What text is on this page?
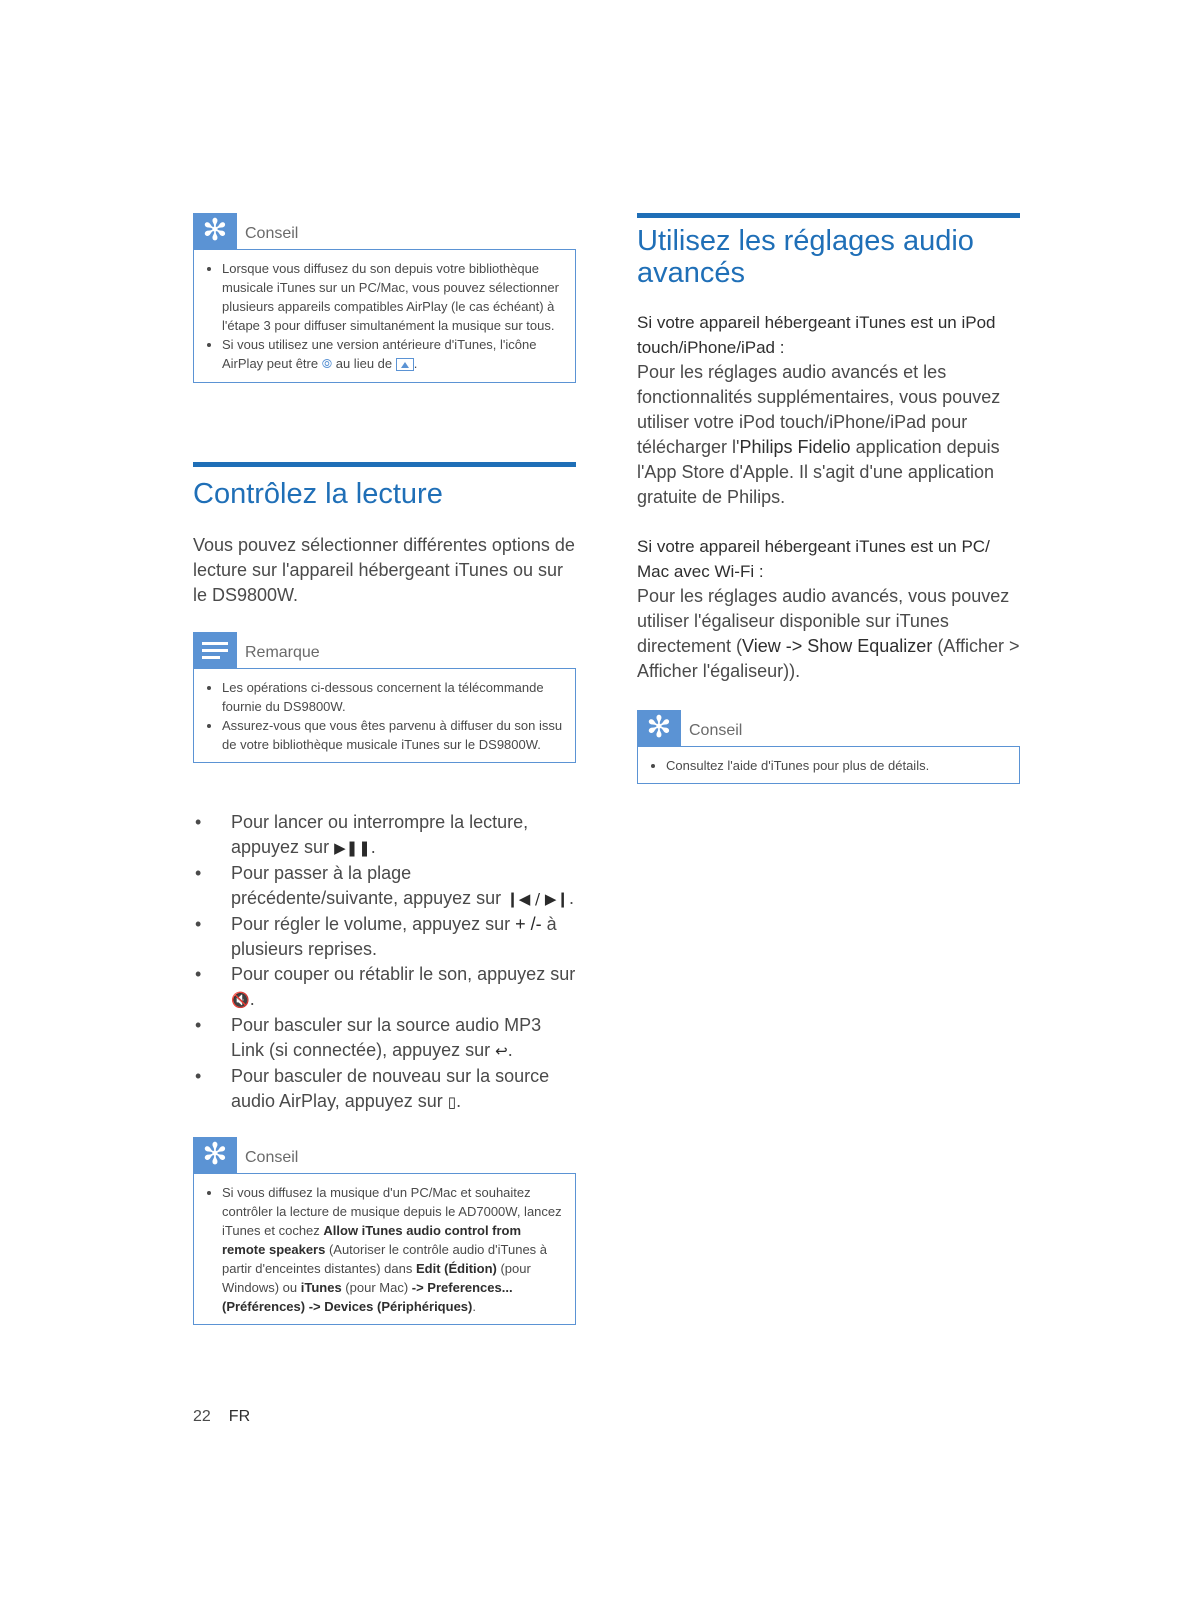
✻	Conseil
• Lorsque vous diffusez du son depuis votre bibliothèque musicale iTunes sur un PC/Mac, vous pouvez sélectionner plusieurs appareils compatibles AirPlay (le cas échéant) à l'étape 3 pour diffuser simultanément la musique sur tous.
• Si vous utilisez une version antérieure d'iTunes, l'icône AirPlay peut être ⦾ au lieu de
.
Contrôlez la lecture

Vous pouvez sélectionner différentes options de lecture sur l'appareil hébergeant iTunes ou sur le DS9800W.

Remarque
• Les opérations ci-dessous concernent la télécommande fournie du DS9800W.
• Assurez-vous que vous êtes parvenu à diffuser du son issu de votre bibliothèque musicale iTunes sur le DS9800W.
• Pour lancer ou interrompre la lecture, appuyez sur ▶❚❚.
• Pour passer à la plage précédente/suivante, appuyez sur ❙◀ / ▶❙.
• Pour régler le volume, appuyez sur + /- à plusieurs reprises.
• Pour couper ou rétablir le son, appuyez sur 🔇.
• Pour basculer sur la source audio MP3 Link (si connectée), appuyez sur ↩.
• Pour basculer de nouveau sur la source audio AirPlay, appuyez sur ▯.
✻	Conseil
• Si vous diffusez la musique d'un PC/Mac et souhaitez contrôler la lecture de musique depuis le AD7000W, lancez iTunes et cochez Allow iTunes audio control from remote speakers (Autoriser le contrôle audio d'iTunes à partir d'enceintes distantes) dans Edit (Édition) (pour Windows) ou iTunes (pour Mac) -> Preferences... (Préférences) -> Devices (Périphériques).
Utilisez les réglages audio avancés
Si votre appareil hébergeant iTunes est un iPod touch/iPhone/iPad :

Pour les réglages audio avancés et les fonctionnalités supplémentaires, vous pouvez utiliser votre iPod touch/iPhone/iPad pour télécharger l'Philips Fidelio application depuis l'App Store d'Apple. Il s'agit d'une application gratuite de Philips.

Si votre appareil hébergeant iTunes est un PC/ Mac avec Wi-Fi :

Pour les réglages audio avancés, vous pouvez utiliser l'égaliseur disponible sur iTunes directement (View -> Show Equalizer (Afficher > Afficher l'égaliseur)).

✻	Conseil
• Consultez l'aide d'iTunes pour plus de détails.
22 FR
